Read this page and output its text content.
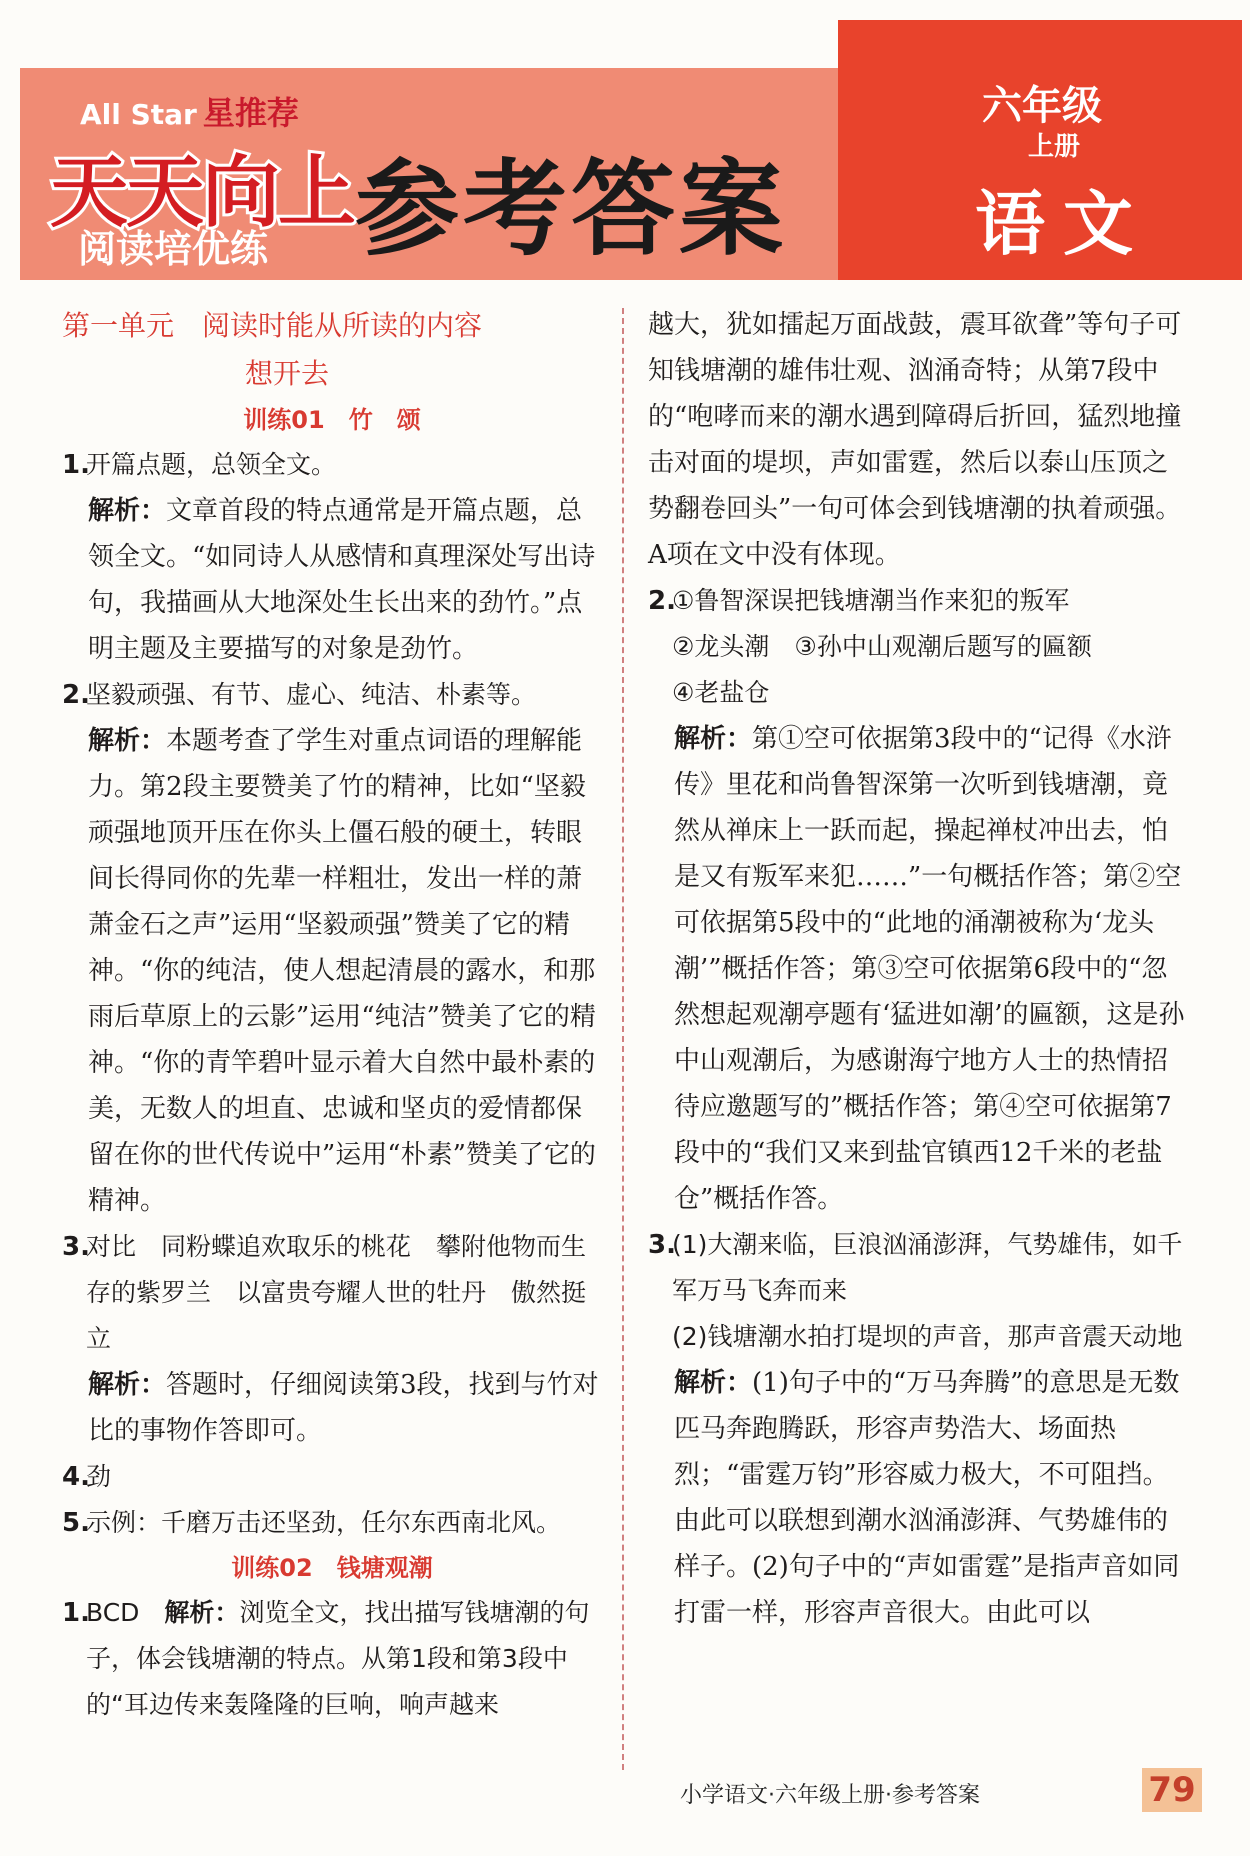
All Star 星推荐
天天向上
阅读培优练 参考答案
六年级
上册
语文
第一单元　阅读时能从所读的内容
想开去
训练01　竹　颂
1.
开篇点题，总领全文。
解析：文章首段的特点通常是开篇点题，总领全文。“如同诗人从感情和真理深处写出诗句，我描画从大地深处生长出来的劲竹。”点明主题及主要描写的对象是劲竹。
2.
坚毅顽强、有节、虚心、纯洁、朴素等。
解析：本题考查了学生对重点词语的理解能力。第2段主要赞美了竹的精神，比如“坚毅顽强地顶开压在你头上僵石般的硬土，转眼间长得同你的先辈一样粗壮，发出一样的萧萧金石之声”运用“坚毅顽强”赞美了它的精神。“你的纯洁，使人想起清晨的露水，和那雨后草原上的云影”运用“纯洁”赞美了它的精神。“你的青竿碧叶显示着大自然中最朴素的美，无数人的坦直、忠诚和坚贞的爱情都保留在你的世代传说中”运用“朴素”赞美了它的精神。
3.
对比　同粉蝶追欢取乐的桃花　攀附他物而生存的紫罗兰　以富贵夸耀人世的牡丹　傲然挺立
解析：答题时，仔细阅读第3段，找到与竹对比的事物作答即可。
4.
劲
5.
示例：千磨万击还坚劲，任尔东西南北风。
训练02　钱塘观潮
1.
BCD　解析：浏览全文，找出描写钱塘潮的句子，体会钱塘潮的特点。从第1段和第3段中的“耳边传来轰隆隆的巨响，响声越来
越大，犹如擂起万面战鼓，震耳欲聋”等句子可知钱塘潮的雄伟壮观、汹涌奇特；从第7段中的“咆哮而来的潮水遇到障碍后折回，猛烈地撞击对面的堤坝，声如雷霆，然后以泰山压顶之势翻卷回头”一句可体会到钱塘潮的执着顽强。A项在文中没有体现。
2.
①鲁智深误把钱塘潮当作来犯的叛军
②龙头潮　③孙中山观潮后题写的匾额
④老盐仓
解析：第①空可依据第3段中的“记得《水浒传》里花和尚鲁智深第一次听到钱塘潮，竟然从禅床上一跃而起，操起禅杖冲出去，怕是又有叛军来犯……”一句概括作答；第②空可依据第5段中的“此地的涌潮被称为‘龙头潮’”概括作答；第③空可依据第6段中的“忽然想起观潮亭题有‘猛进如潮’的匾额，这是孙中山观潮后，为感谢海宁地方人士的热情招待应邀题写的”概括作答；第④空可依据第7段中的“我们又来到盐官镇西12千米的老盐仓”概括作答。
3.
(1)大潮来临，巨浪汹涌澎湃，气势雄伟，如千军万马飞奔而来
(2)钱塘潮水拍打堤坝的声音，那声音震天动地
解析：(1)句子中的“万马奔腾”的意思是无数匹马奔跑腾跃，形容声势浩大、场面热烈；“雷霆万钧”形容威力极大，不可阻挡。由此可以联想到潮水汹涌澎湃、气势雄伟的样子。(2)句子中的“声如雷霆”是指声音如同打雷一样，形容声音很大。由此可以
小学语文·六年级上册·参考答案	79
